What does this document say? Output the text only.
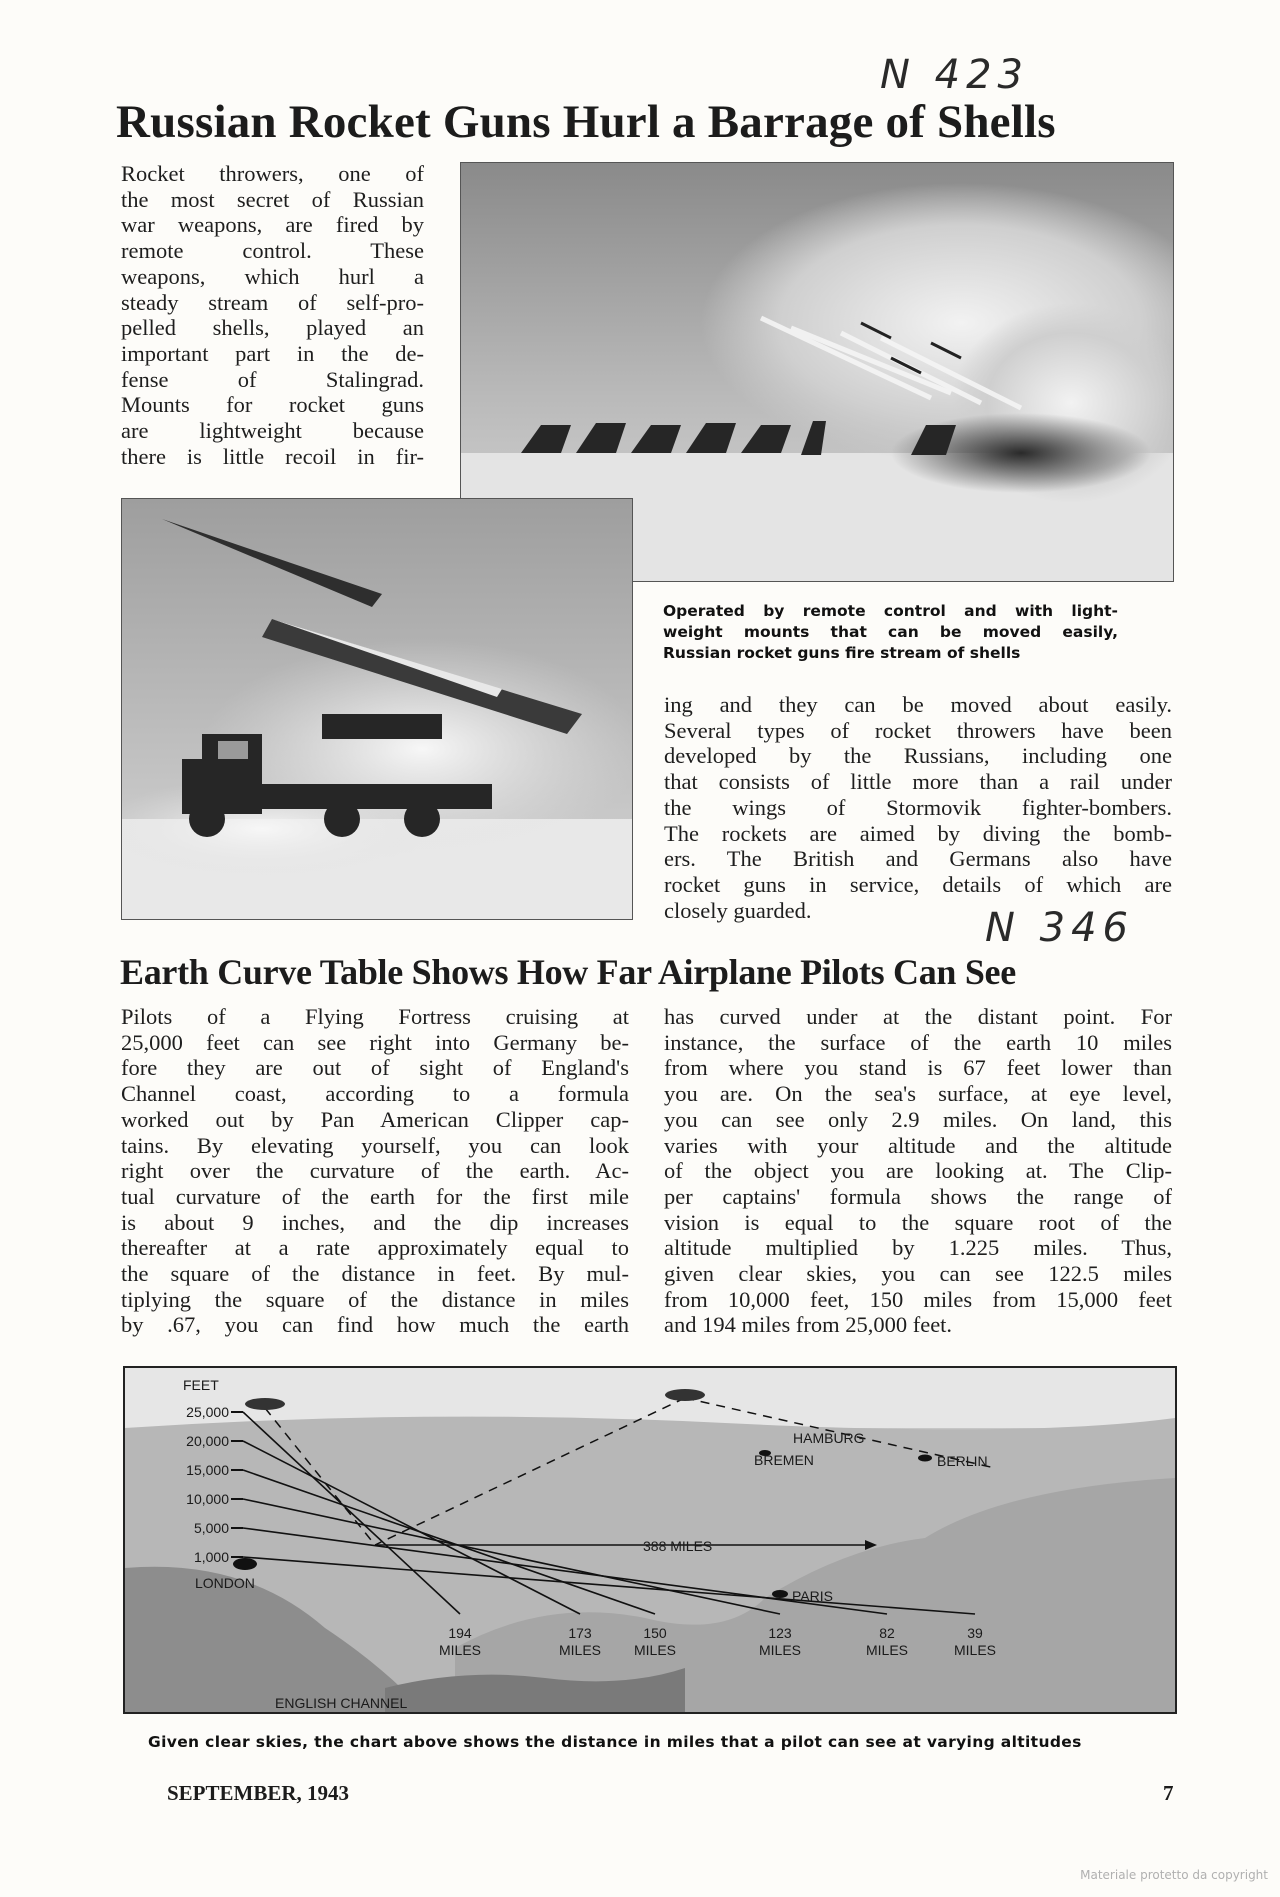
N 423
Russian Rocket Guns Hurl a Barrage of Shells
Rocket throwers, one of
the most secret of Russian
war weapons, are fired by
remote control. These
weapons, which hurl a
steady stream of self-pro-
pelled shells, played an
important part in the de-
fense of Stalingrad.
Mounts for rocket guns
are lightweight because
there is little recoil in fir-
Operated by remote control and with light-
weight mounts that can be moved easily,
Russian rocket guns fire stream of shells
ing and they can be moved about easily.
Several types of rocket throwers have been
developed by the Russians, including one
that consists of little more than a rail under
the wings of Stormovik fighter-bombers.
The rockets are aimed by diving the bomb-
ers. The British and Germans also have
rocket guns in service, details of which are
closely guarded.	N 346
Earth Curve Table Shows How Far Airplane Pilots Can See
Pilots of a Flying Fortress cruising at
25,000 feet can see right into Germany be-
fore they are out of sight of England's
Channel coast, according to a formula
worked out by Pan American Clipper cap-
tains. By elevating yourself, you can look
right over the curvature of the earth. Ac-
tual curvature of the earth for the first mile
is about 9 inches, and the dip increases
thereafter at a rate approximately equal to
the square of the distance in feet. By mul-
tiplying the square of the distance in miles
by .67, you can find how much the earth
has curved under at the distant point. For
instance, the surface of the earth 10 miles
from where you stand is 67 feet lower than
you are. On the sea's surface, at eye level,
you can see only 2.9 miles. On land, this
varies with your altitude and the altitude
of the object you are looking at. The Clip-
per captains' formula shows the range of
vision is equal to the square root of the
altitude multiplied by 1.225 miles. Thus,
given clear skies, you can see 122.5 miles
from 10,000 feet, 150 miles from 15,000 feet
and 194 miles from 25,000 feet.
FEET
25,000
20,000
15,000
10,000
5,000
1,000
39
MILES
82
MILES
123
MILES
150
MILES
173
MILES
194
MILES
LONDON
PARIS
HAMBURG
BREMEN	BERLIN
ENGLISH CHANNEL
388 MILES
Given clear skies, the chart above shows the distance in miles that a pilot can see at varying altitudes
SEPTEMBER, 1943	7
Materiale protetto da copyright
